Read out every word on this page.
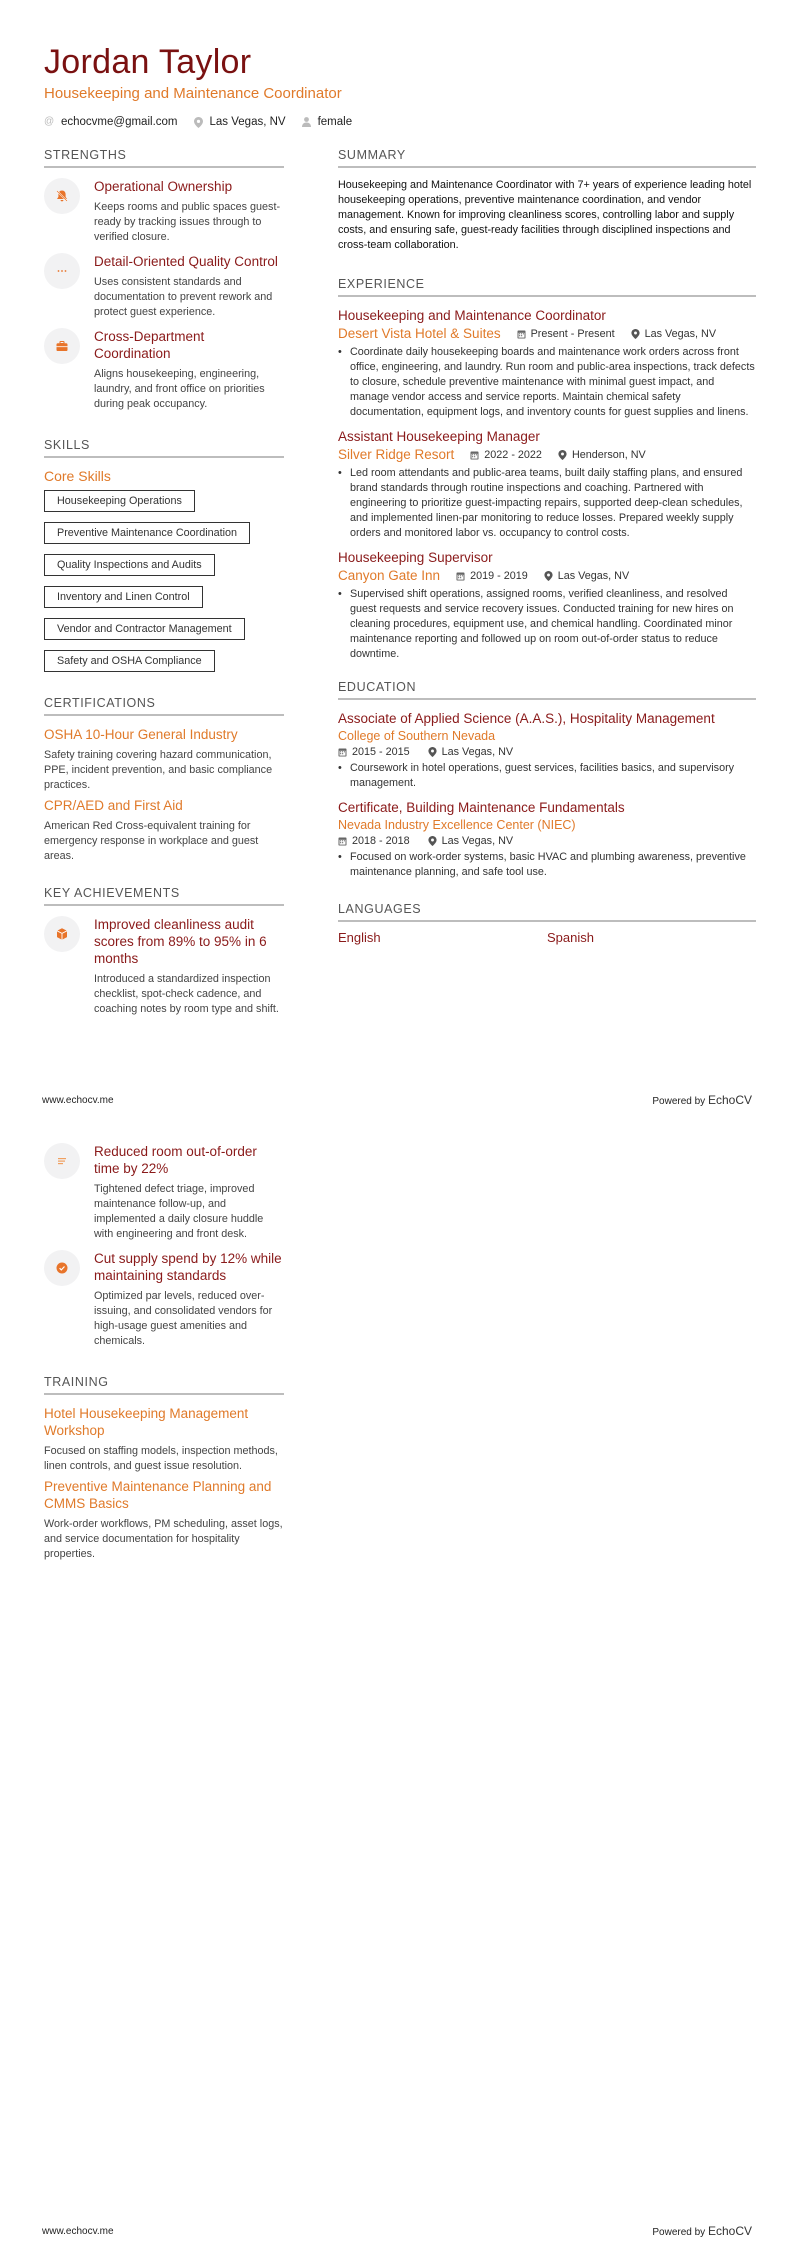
Jordan Taylor
Housekeeping and Maintenance Coordinator
@ echocvme@gmail.com	Las Vegas, NV	female
STRENGTHS
Operational Ownership
Keeps rooms and public spaces guest-ready by tracking issues through to verified closure.
Detail-Oriented Quality Control
Uses consistent standards and documentation to prevent rework and protect guest experience.
Cross-Department Coordination
Aligns housekeeping, engineering, laundry, and front office on priorities during peak occupancy.
SKILLS
Core Skills
Housekeeping Operations
Preventive Maintenance Coordination
Quality Inspections and Audits
Inventory and Linen Control
Vendor and Contractor Management
Safety and OSHA Compliance
CERTIFICATIONS
OSHA 10-Hour General Industry
Safety training covering hazard communication, PPE, incident prevention, and basic compliance practices.
CPR/AED and First Aid
American Red Cross-equivalent training for emergency response in workplace and guest areas.
KEY ACHIEVEMENTS
Improved cleanliness audit scores from 89% to 95% in 6 months
Introduced a standardized inspection checklist, spot-check cadence, and coaching notes by room type and shift.
SUMMARY

Housekeeping and Maintenance Coordinator with 7+ years of experience leading hotel housekeeping operations, preventive maintenance coordination, and vendor management. Known for improving cleanliness scores, controlling labor and supply costs, and ensuring safe, guest-ready facilities through disciplined inspections and cross-team collaboration.

EXPERIENCE
Housekeeping and Maintenance Coordinator
Desert Vista Hotel & Suites	Present - Present	Las Vegas, NV
• Coordinate daily housekeeping boards and maintenance work orders across front office, engineering, and laundry. Run room and public-area inspections, track defects to closure, schedule preventive maintenance with minimal guest impact, and manage vendor access and service reports. Maintain chemical safety documentation, equipment logs, and inventory counts for guest supplies and linens.
Assistant Housekeeping Manager
Silver Ridge Resort	2022 - 2022	Henderson, NV
• Led room attendants and public-area teams, built daily staffing plans, and ensured brand standards through routine inspections and coaching. Partnered with engineering to prioritize guest-impacting repairs, supported deep-clean schedules, and implemented linen-par monitoring to reduce losses. Prepared weekly supply orders and monitored labor vs. occupancy to control costs.
Housekeeping Supervisor
Canyon Gate Inn	2019 - 2019	Las Vegas, NV
• Supervised shift operations, assigned rooms, verified cleanliness, and resolved guest requests and service recovery issues. Conducted training for new hires on cleaning procedures, equipment use, and chemical handling. Coordinated minor maintenance reporting and followed up on room out-of-order status to reduce downtime.
EDUCATION
Associate of Applied Science (A.A.S.), Hospitality Management
College of Southern Nevada
2015 - 2015	Las Vegas, NV
• Coursework in hotel operations, guest services, facilities basics, and supervisory management.
Certificate, Building Maintenance Fundamentals
Nevada Industry Excellence Center (NIEC)
2018 - 2018	Las Vegas, NV
• Focused on work-order systems, basic HVAC and plumbing awareness, preventive maintenance planning, and safe tool use.
LANGUAGES
English	Spanish
www.echocv.me	Powered by EchoCV
Reduced room out-of-order time by 22%
Tightened defect triage, improved maintenance follow-up, and implemented a daily closure huddle with engineering and front desk.
Cut supply spend by 12% while maintaining standards
Optimized par levels, reduced over-issuing, and consolidated vendors for high-usage guest amenities and chemicals.
TRAINING
Hotel Housekeeping Management Workshop
Focused on staffing models, inspection methods, linen controls, and guest issue resolution.
Preventive Maintenance Planning and CMMS Basics
Work-order workflows, PM scheduling, asset logs, and service documentation for hospitality properties.
www.echocv.me	Powered by EchoCV
